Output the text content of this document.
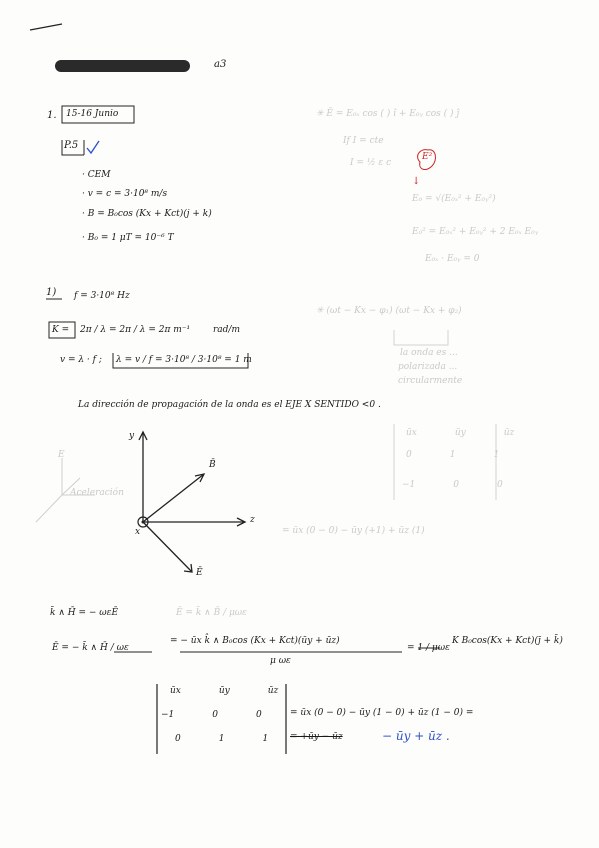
a3
1. 15-16 Junio
P.5
· CEM
· v = c = 3·10⁸ m/s
· B = B₀cos (Kx + Kct)(j + k)
· B₀ = 1 μT = 10⁻⁶ T
✳ Ē = E₀ₓ cos ( ) î + E₀ᵧ cos ( ) ĵ
If I = cte
I = ½ ε c
E²
↓
E₀ = √(E₀ₓ² + E₀ᵧ²)
E₀² = E₀ₓ² + E₀ᵧ² + 2 E₀ₓ E₀ᵧ
E₀ₓ · E₀ᵧ = 0
✳ (ωt − Kx − φ₁) (ωt − Kx + φ₂)
la onda es ...
polarizada ...
circularmente
1) f = 3·10⁸ Hz
K = 2π / λ = 2π / λ = 2π m⁻¹	rad/m
v = λ · f ; λ = v / f = 3·10⁸ / 3·10⁸ = 1 m
La dirección de propagación de la onda es el EJE X SENTIDO <0 .
y
z
x
B̄
Ē
Aceleración
E
ūx	ūy	ūz
0	1	1
−1	0	0
= ūx (0 − 0) − ūy (+1) + ūz (1)
k̄ ∧ H̄ = − ωεĒ	Ē = k̄ ∧ B̄ / μωε
Ē = − k̄ ∧ H̄ / ωε
= − ūx k̂ ∧ B₀cos (Kx + Kct)(ūy + ūz)
μ ωε
= 1 / μωε
K B₀cos(Kx + Kct)(j̄ + k̄)
ūx	ūy	ūz
−1	0	0
0	1	1
= ūx (0 − 0) − ūy (1 − 0) + ūz (1 − 0) =
= +ūy − ūz	− ūy + ūz .
